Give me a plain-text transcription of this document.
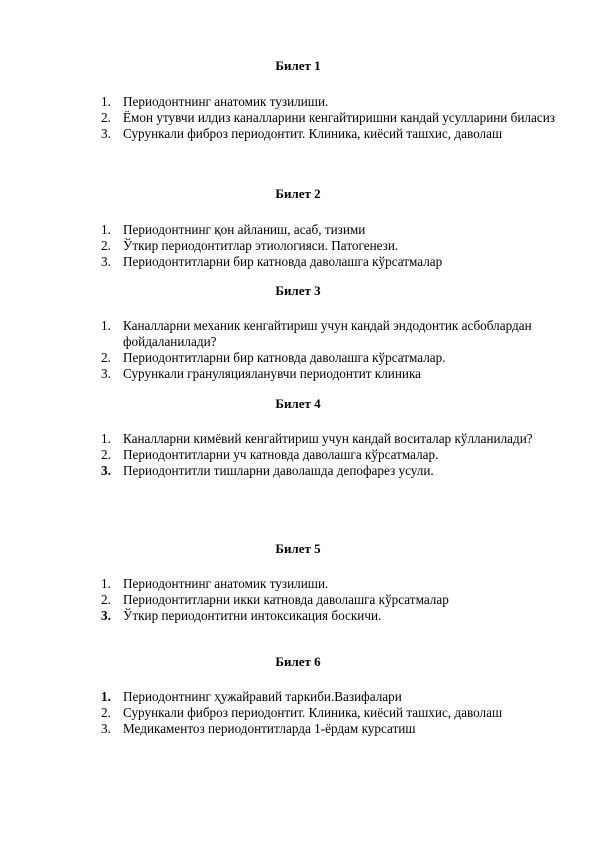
Билет 1
1. Периодонтнинг анатомик тузилиши.
2. Ёмон утувчи илдиз каналларини кенгайтиришни кандай усулларини биласиз
3. Сурункали фиброз периодонтит. Клиника, киёсий ташхис, даволаш
Билет 2
1. Периодонтнинг қон айланиш, асаб, тизими
2. Ўткир периодонтитлар этиологияси. Патогенези.
3. Периодонтитларни бир катновда даволашга кўрсатмалар
Билет 3
1. Каналларни механик кенгайтириш учун кандай эндодонтик асбоблардан фойдаланилади?
2. Периодонтитларни бир катновда даволашга кўрсатмалар.
3. Сурункали грануляцияланувчи периодонтит клиника
Билет 4
1. Каналларни кимёвий кенгайтириш учун кандай воситалар кўлланилади?
2. Периодонтитларни уч катновда даволашга кўрсатмалар.
3. Периодонтитли тишларни даволашда депофарез усули.
Билет 5
1. Периодонтнинг анатомик тузилиши.
2. Периодонтитларни икки катновда даволашга кўрсатмалар
3. Ўткир периодонтитни интоксикация боскичи.
Билет 6
1. Периодонтнинг ҳужайравий таркиби.Вазифалари
2. Сурункали фиброз периодонтит. Клиника, киёсий ташхис, даволаш
3. Медикаментоз периодонтитларда 1-ёрдам курсатиш
